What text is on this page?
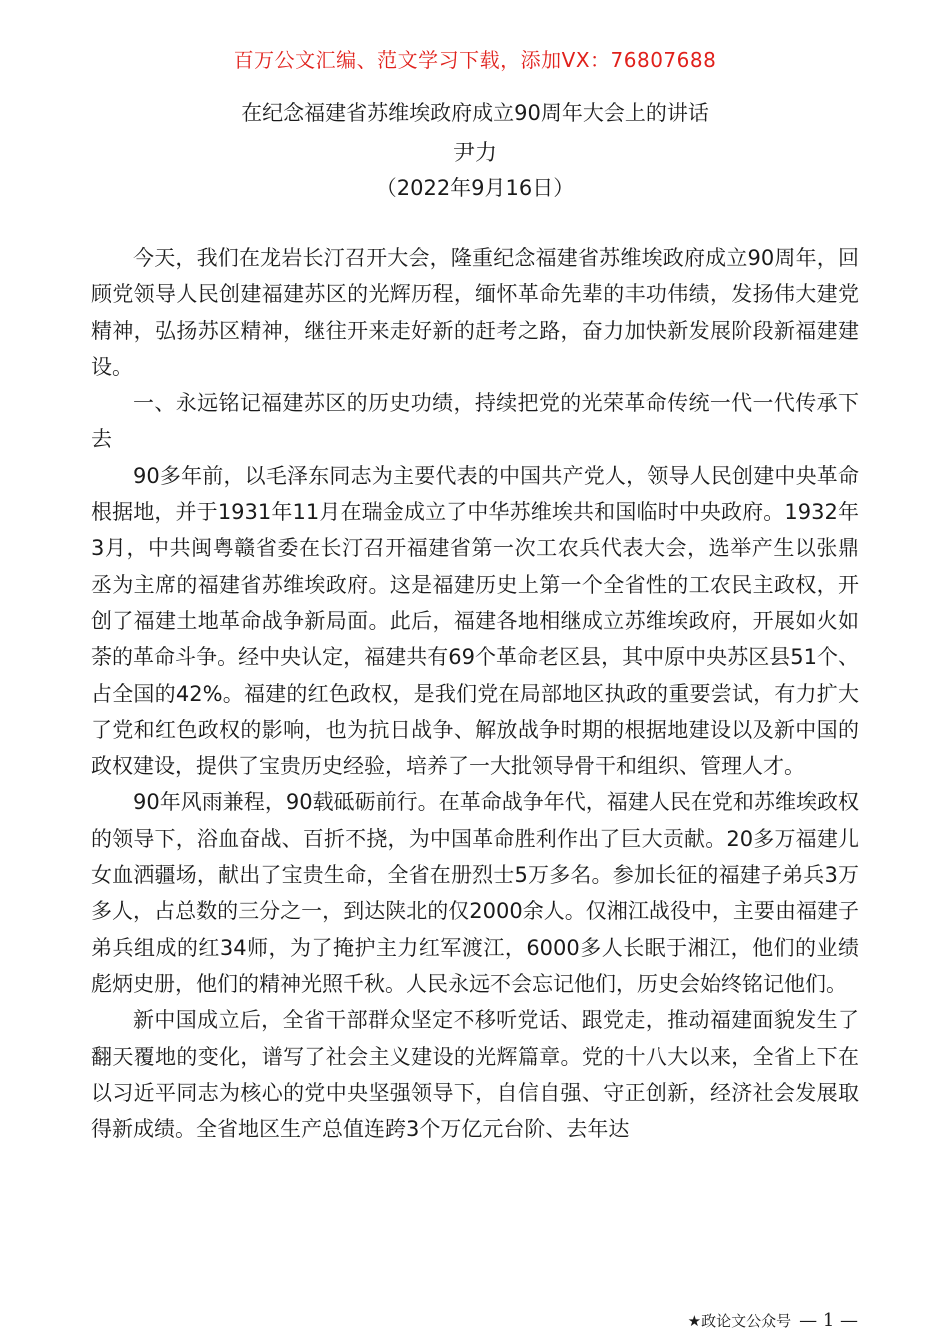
百万公文汇编、范文学习下载，添加VX：76807688
在纪念福建省苏维埃政府成立90周年大会上的讲话
尹力
（2022年9月16日）

今天，我们在龙岩长汀召开大会，隆重纪念福建省苏维埃政府成立90周年，回顾党领导人民创建福建苏区的光辉历程，缅怀革命先辈的丰功伟绩，发扬伟大建党精神，弘扬苏区精神，继往开来走好新的赶考之路，奋力加快新发展阶段新福建建设。

一、永远铭记福建苏区的历史功绩，持续把党的光荣革命传统一代一代传承下去

90多年前，以毛泽东同志为主要代表的中国共产党人，领导人民创建中央革命根据地，并于1931年11月在瑞金成立了中华苏维埃共和国临时中央政府。1932年3月，中共闽粤赣省委在长汀召开福建省第一次工农兵代表大会，选举产生以张鼎丞为主席的福建省苏维埃政府。这是福建历史上第一个全省性的工农民主政权，开创了福建土地革命战争新局面。此后，福建各地相继成立苏维埃政府，开展如火如荼的革命斗争。经中央认定，福建共有69个革命老区县，其中原中央苏区县51个、占全国的42%。福建的红色政权，是我们党在局部地区执政的重要尝试，有力扩大了党和红色政权的影响，也为抗日战争、解放战争时期的根据地建设以及新中国的政权建设，提供了宝贵历史经验，培养了一大批领导骨干和组织、管理人才。

90年风雨兼程，90载砥砺前行。在革命战争年代，福建人民在党和苏维埃政权的领导下，浴血奋战、百折不挠，为中国革命胜利作出了巨大贡献。20多万福建儿女血洒疆场，献出了宝贵生命，全省在册烈士5万多名。参加长征的福建子弟兵3万多人，占总数的三分之一，到达陕北的仅2000余人。仅湘江战役中，主要由福建子弟兵组成的红34师，为了掩护主力红军渡江，6000多人长眠于湘江，他们的业绩彪炳史册，他们的精神光照千秋。人民永远不会忘记他们，历史会始终铭记他们。

新中国成立后，全省干部群众坚定不移听党话、跟党走，推动福建面貌发生了翻天覆地的变化，谱写了社会主义建设的光辉篇章。党的十八大以来，全省上下在以习近平同志为核心的党中央坚强领导下，自信自强、守正创新，经济社会发展取得新成绩。全省地区生产总值连跨3个万亿元台阶、去年达

★政论文公众号 — 1 —
